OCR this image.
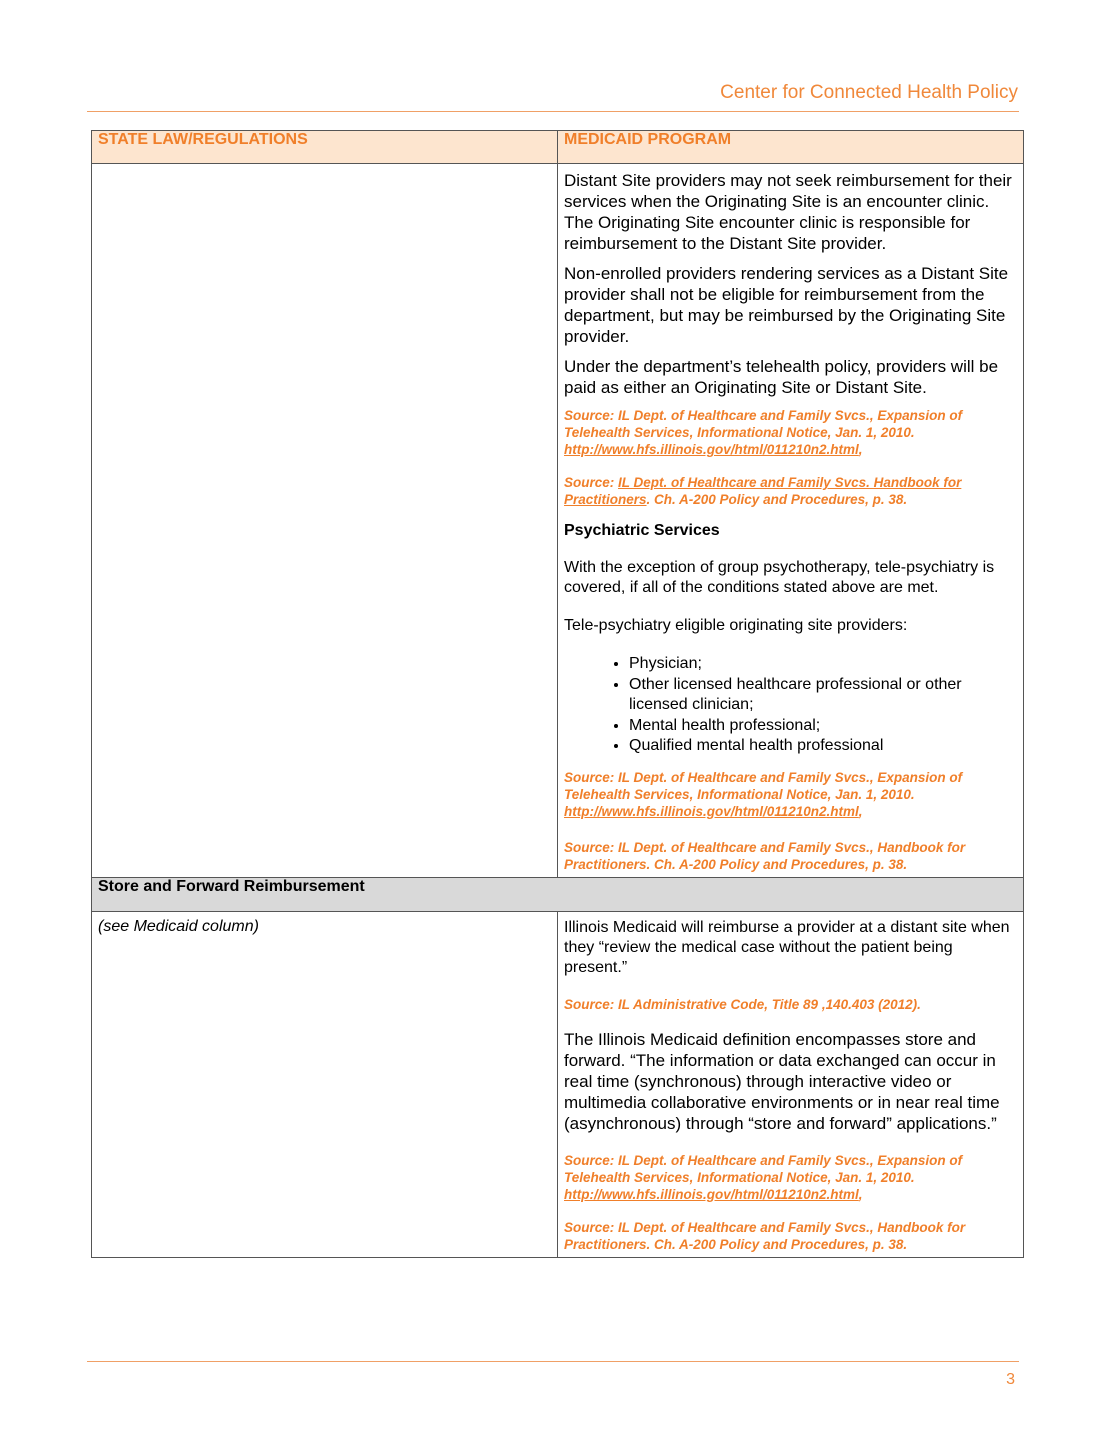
Center for Connected Health Policy
STATE LAW/REGULATIONS	MEDICAID PROGRAM

Distant Site providers may not seek reimbursement for their services when the Originating Site is an encounter clinic. The Originating Site encounter clinic is responsible for reimbursement to the Distant Site provider.

Non-enrolled providers rendering services as a Distant Site provider shall not be eligible for reimbursement from the department, but may be reimbursed by the Originating Site provider.

Under the department’s telehealth policy, providers will be paid as either an Originating Site or Distant Site.

Source: IL Dept. of Healthcare and Family Svcs., Expansion of Telehealth Services, Informational Notice, Jan. 1, 2010. http://www.hfs.illinois.gov/html/011210n2.html,

Source: IL Dept. of Healthcare and Family Svcs. Handbook for Practitioners. Ch. A-200 Policy and Procedures, p. 38.

Psychiatric Services

With the exception of group psychotherapy, tele-psychiatry is covered, if all of the conditions stated above are met.

Tele-psychiatry eligible originating site providers:

• Physician;
• Other licensed healthcare professional or other licensed clinician;
• Mental health professional;
• Qualified mental health professional

Source: IL Dept. of Healthcare and Family Svcs., Expansion of Telehealth Services, Informational Notice, Jan. 1, 2010. http://www.hfs.illinois.gov/html/011210n2.html,

Source: IL Dept. of Healthcare and Family Svcs., Handbook for Practitioners. Ch. A-200 Policy and Procedures, p. 38.

Store and Forward Reimbursement	

(see Medicaid column)	Illinois Medicaid will reimburse a provider at a distant site when they “review the medical case without the patient being present.”

Source: IL Administrative Code, Title 89 ,140.403 (2012).

The Illinois Medicaid definition encompasses store and forward. “The information or data exchanged can occur in real time (synchronous) through interactive video or multimedia collaborative environments or in near real time (asynchronous) through “store and forward” applications.”

Source: IL Dept. of Healthcare and Family Svcs., Expansion of Telehealth Services, Informational Notice, Jan. 1, 2010. http://www.hfs.illinois.gov/html/011210n2.html,

Source: IL Dept. of Healthcare and Family Svcs., Handbook for Practitioners. Ch. A-200 Policy and Procedures, p. 38.

3
